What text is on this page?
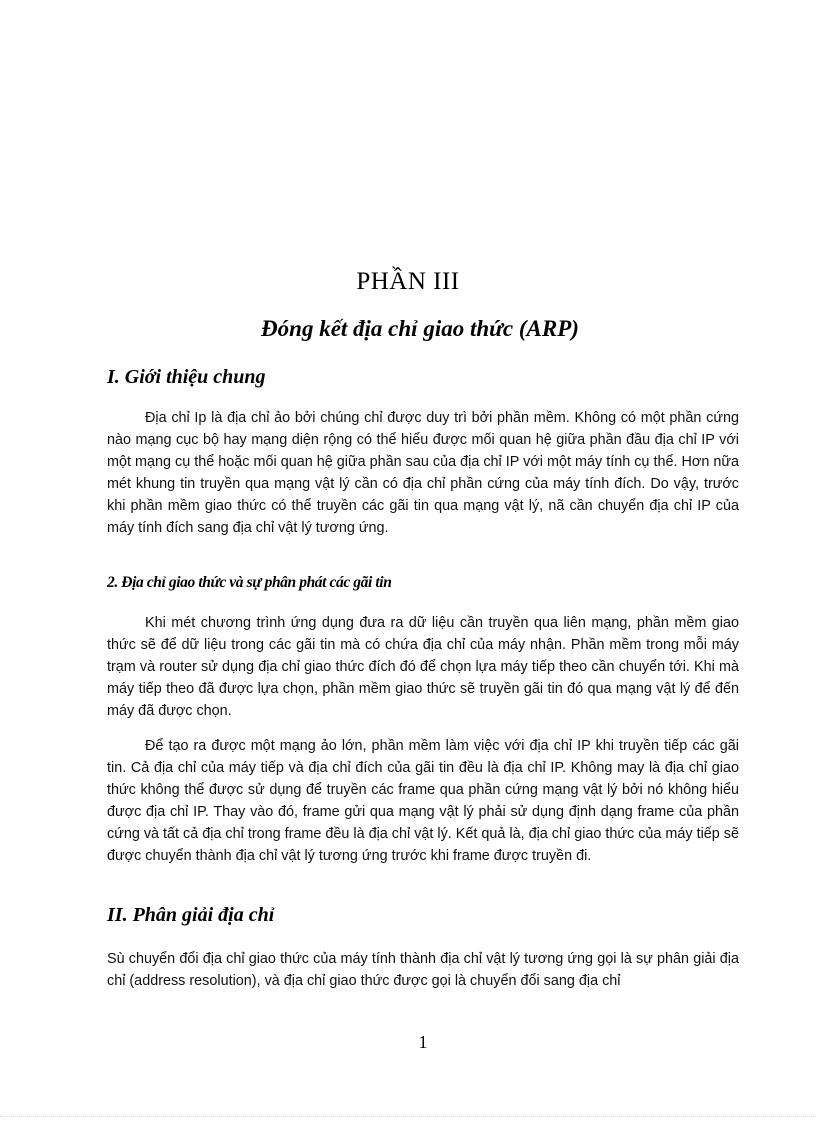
PHẦN III
Đóng kết địa chỉ giao thức (ARP)
I. Giới thiệu chung
Địa chỉ Ip là địa chỉ ảo bởi chúng chỉ được duy trì bởi phần mềm. Không có một phần cứng nào mạng cục bộ hay mạng diện rộng có thể hiểu được mối quan hệ giữa phần đầu địa chỉ IP với một mạng cụ thể hoặc mối quan hệ giữa phần sau của địa chỉ IP với một máy tính cụ thể. Hơn nữa mét khung tin truyền qua mạng vật lý cần có địa chỉ phần cứng của máy tính đích. Do vậy, trước khi phần mềm giao thức có thể truyền các gãi tin qua mạng vật lý, nã cần chuyển địa chỉ IP của máy tính đích sang địa chỉ vật lý tương ứng.
2. Địa chỉ giao thức và sự phân phát các gãi tin
Khi mét chương trình ứng dụng đưa ra dữ liệu cần truyền qua liên mạng, phần mềm giao thức sẽ để dữ liệu trong các gãi tin mà có chứa địa chỉ của máy nhận. Phần mềm trong mỗi máy trạm và router sử dụng địa chỉ giao thức đích đó để chọn lựa máy tiếp theo cần chuyển tới. Khi mà máy tiếp theo đã được lựa chọn, phần mềm giao thức sẽ truyền gãi tin đó qua mạng vật lý để đến máy đã được chọn.
Để tạo ra được một mạng ảo lớn, phần mềm làm việc với địa chỉ IP khi truyền tiếp các gãi tin. Cả địa chỉ của máy tiếp và địa chỉ đích của gãi tin đều là địa chỉ IP. Không may là địa chỉ giao thức không thể được sử dụng để truyền các frame qua phần cứng mạng vật lý bởi nó không hiểu được địa chỉ IP. Thay vào đó, frame gửi qua mạng vật lý phải sử dụng định dạng frame của phần cứng và tất cả địa chỉ trong frame đều là địa chỉ vật lý. Kết quả là, địa chỉ giao thức của máy tiếp sẽ được chuyển thành địa chỉ vật lý tương ứng trước khi frame được truyền đi.
II. Phân giải địa chỉ
Sù chuyển đổi địa chỉ giao thức của máy tính thành địa chỉ vật lý tương ứng gọi là sự phân giải địa chỉ (address resolution), và địa chỉ giao thức được gọi là chuyển đổi sang địa chỉ
1
